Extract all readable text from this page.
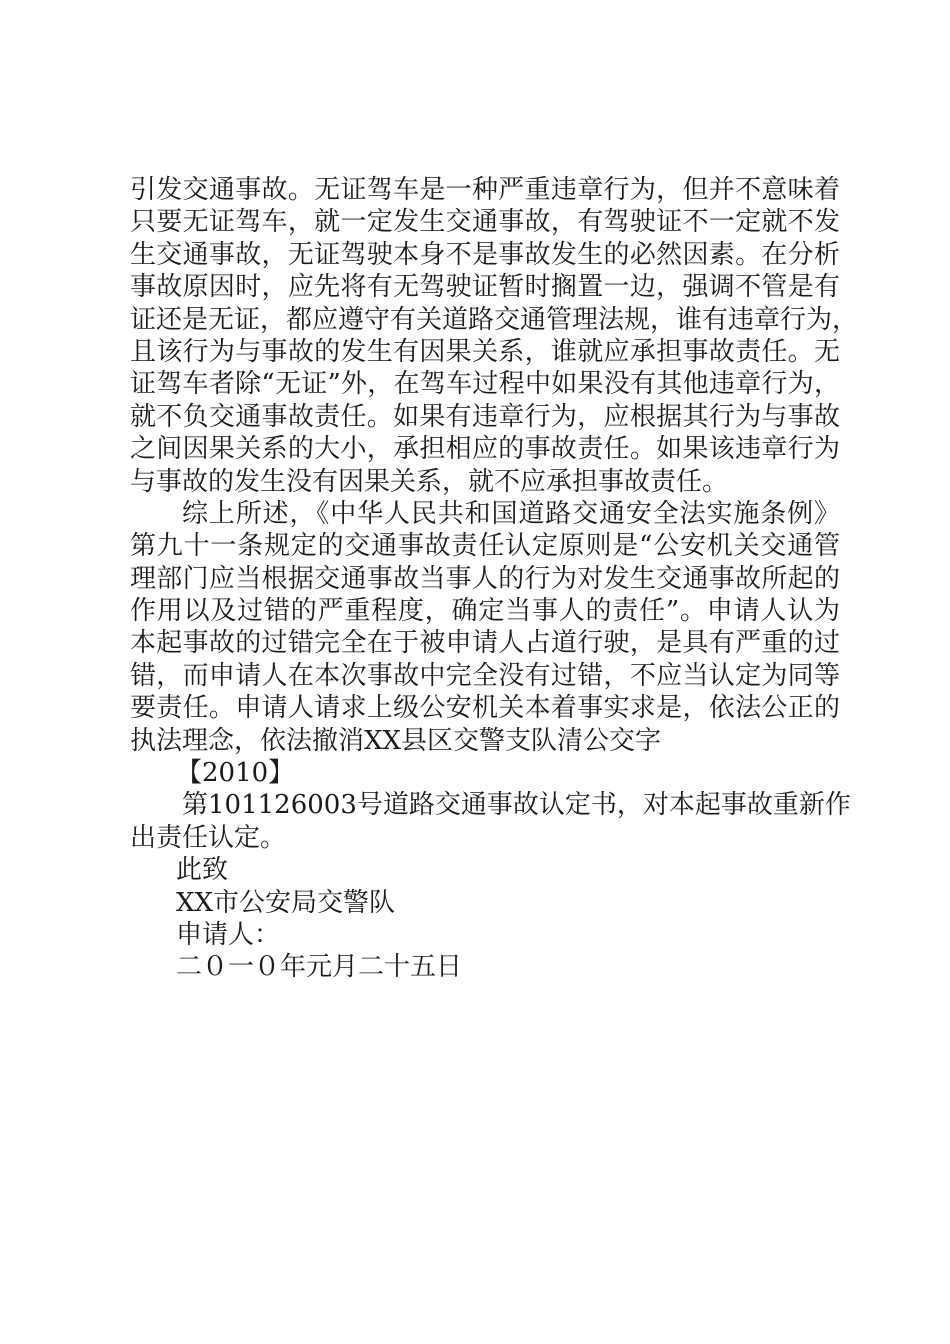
引发交通事故。无证驾车是一种严重违章行为，但并不意味着
只要无证驾车，就一定发生交通事故，有驾驶证不一定就不发
生交通事故，无证驾驶本身不是事故发生的必然因素。在分析
事故原因时，应先将有无驾驶证暂时搁置一边，强调不管是有
证还是无证，都应遵守有关道路交通管理法规，谁有违章行为，
且该行为与事故的发生有因果关系，谁就应承担事故责任。无
证驾车者除“无证”外，在驾车过程中如果没有其他违章行为，
就不负交通事故责任。如果有违章行为，应根据其行为与事故
之间因果关系的大小，承担相应的事故责任。如果该违章行为
与事故的发生没有因果关系，就不应承担事故责任。
综上所述，《中华人民共和国道路交通安全法实施条例》
第九十一条规定的交通事故责任认定原则是“公安机关交通管
理部门应当根据交通事故当事人的行为对发生交通事故所起的
作用以及过错的严重程度，确定当事人的责任”。申请人认为
本起事故的过错完全在于被申请人占道行驶，是具有严重的过
错，而申请人在本次事故中完全没有过错，不应当认定为同等
要责任。申请人请求上级公安机关本着事实求是，依法公正的
执法理念，依法撤消XX县区交警支队清公交字
【2010】
第101126003号道路交通事故认定书，对本起事故重新作
出责任认定。
此致
XX市公安局交警队
申请人：
二０一０年元月二十五日
